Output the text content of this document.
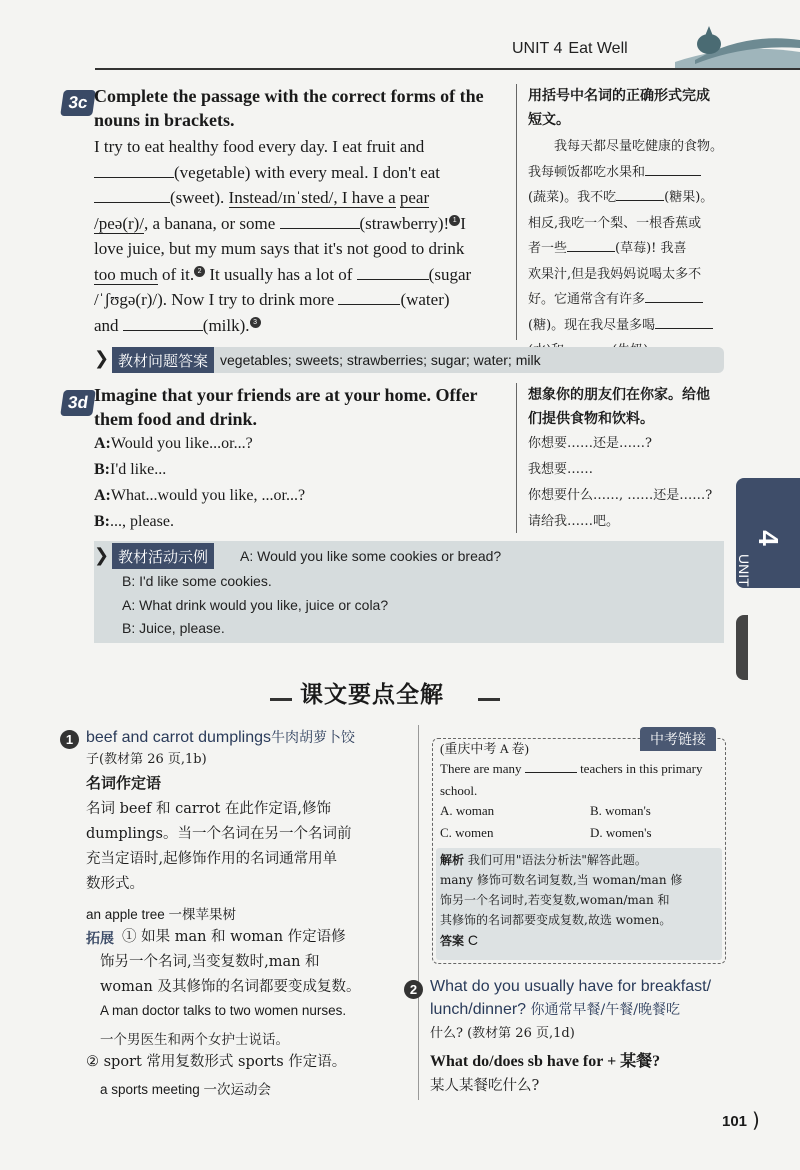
UNIT 4 Eat Well
3c Complete the passage with the correct forms of the
nouns in brackets.
用括号中名词的正确形式完成
短文。
I try to eat healthy food every day. I eat fruit and
(vegetable) with every meal. I don't eat
(sweet). Instead/ɪnˈsted/, I have a pear
/peə(r)/, a banana, or some	(strawberry)! 1 I
love juice, but my mum says that it's not good to drink
too much of it. 2 It usually has a lot of	(sugar
/ˈʃʊgə(r)/). Now I try to drink more	(water)
and	(milk). 3
我每天都尽量吃健康的食物。
我每顿饭都吃水果和
(蔬菜)。我不吃	(糖果)。
相反,我吃一个梨、一根香蕉或
者一些	(草莓)! 我喜
欢果汁,但是我妈妈说喝太多不
好。它通常含有许多
(糖)。现在我尽量多喝
❯ 教材问题答案 vegetables; sweets; strawberries; sugar; water; milk
3d Imagine that your friends are at your home. Offer
them food and drink.
想象你的朋友们在你家。给他
们提供食物和饮料。
A:Would you like...or...?
B:I'd like...
A:What...would you like, ...or...?
B:..., please.
你想要……还是……?
我想要……
你想要什么……, ……还是……?
请给我……吧。
❯ 教材活动示例	A: Would you like some cookies or bread?
B: I'd like some cookies.
A: What drink would you like, juice or cola?
B: Juice, please.
课文要点全解
1 beef and carrot dumplings牛肉胡萝卜饺
子(教材第 26 页,1b)
名词作定语
名词 beef 和 carrot 在此作定语,修饰
dumplings。当一个名词在另一个名词前
充当定语时,起修饰作用的名词通常用单
数形式。
an apple tree 一棵苹果树
拓展 ① 如果 man 和 woman 作定语修
饰另一个名词,当变复数时,man 和
woman 及其修饰的名词都要变成复数。
A man doctor talks to two women nurses.
一个男医生和两个女护士说话。
② sport 常用复数形式 sports 作定语。
a sports meeting 一次运动会
中考链接
(重庆中考 A 卷)
There are many	teachers in this primary
school.
A. woman	B. woman's
C. women	D. women's
解析 我们可用"语法分析法"解答此题。
many 修饰可数名词复数,当 woman/man 修
饰另一个名词时,若变复数,woman/man 和
其修饰的名词都要变成复数,故选 women。
答案 C
2 What do you usually have for breakfast/
lunch/dinner? 你通常早餐/午餐/晚餐吃
什么? (教材第 26 页,1d)
What do/does sb have for + 某餐?
某人某餐吃什么?
UNIT
4
101 )
